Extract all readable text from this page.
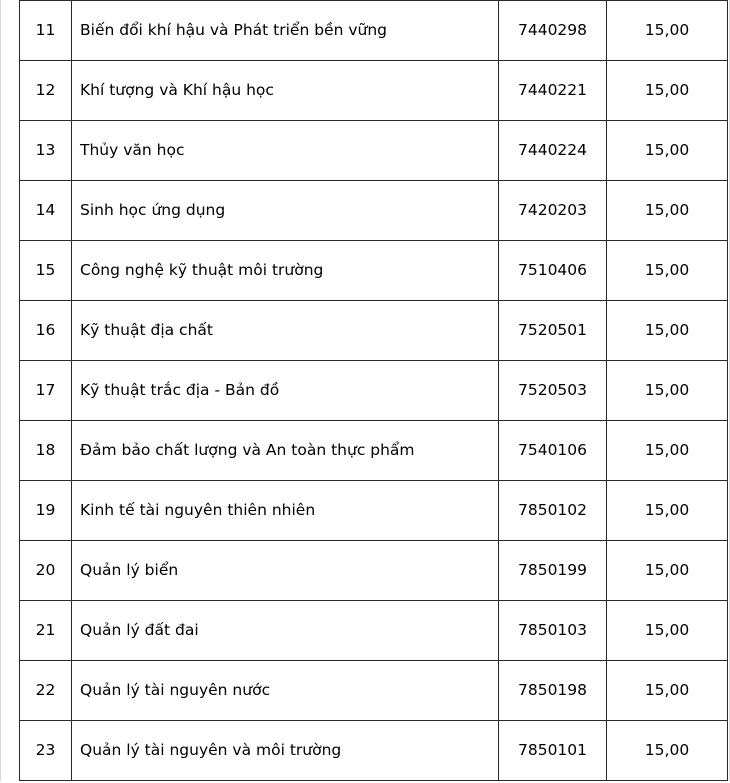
11	Biến đổi khí hậu và Phát triển bền vững	7440298	15,00
12	Khí tượng và Khí hậu học	7440221	15,00
13	Thủy văn học	7440224	15,00
14	Sinh học ứng dụng	7420203	15,00
15	Công nghệ kỹ thuật môi trường	7510406	15,00
16	Kỹ thuật địa chất	7520501	15,00
17	Kỹ thuật trắc địa - Bản đồ	7520503	15,00
18	Đảm bảo chất lượng và An toàn thực phẩm	7540106	15,00
19	Kinh tế tài nguyên thiên nhiên	7850102	15,00
20	Quản lý biển	7850199	15,00
21	Quản lý đất đai	7850103	15,00
22	Quản lý tài nguyên nước	7850198	15,00
23	Quản lý tài nguyên và môi trường	7850101	15,00
